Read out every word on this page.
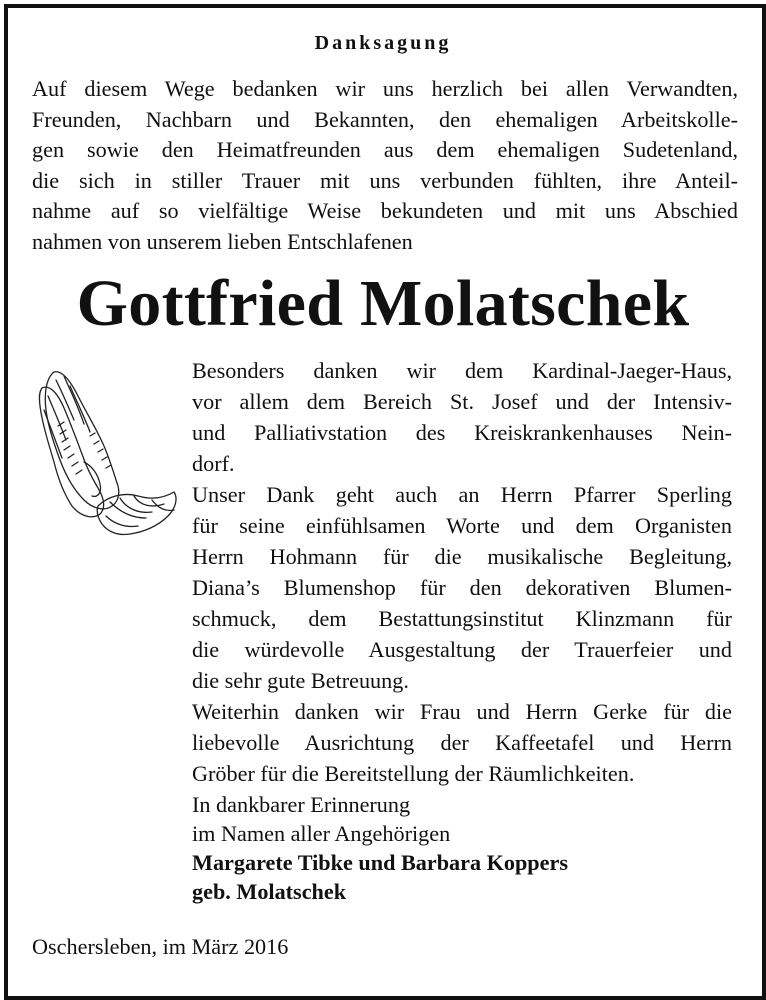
Danksagung
Auf diesem Wege bedanken wir uns herzlich bei allen Verwandten,
Freunden, Nachbarn und Bekannten, den ehemaligen Arbeitskolle-
gen sowie den Heimatfreunden aus dem ehemaligen Sudetenland,
die sich in stiller Trauer mit uns verbunden fühlten, ihre Anteil-
nahme auf so vielfältige Weise bekundeten und mit uns Abschied
nahmen von unserem lieben Entschlafenen
Gottfried Molatschek
Besonders danken wir dem Kardinal-Jaeger-Haus,
vor allem dem Bereich St. Josef und der Intensiv-
und Palliativstation des Kreiskrankenhauses Nein-
dorf.
Unser Dank geht auch an Herrn Pfarrer Sperling
für seine einfühlsamen Worte und dem Organisten
Herrn Hohmann für die musikalische Begleitung,
Diana’s Blumenshop für den dekorativen Blumen-
schmuck, dem Bestattungsinstitut Klinzmann für
die würdevolle Ausgestaltung der Trauerfeier und
die sehr gute Betreuung.
Weiterhin danken wir Frau und Herrn Gerke für die
liebevolle Ausrichtung der Kaffeetafel und Herrn
Gröber für die Bereitstellung der Räumlichkeiten.
In dankbarer Erinnerung
im Namen aller Angehörigen
Margarete Tibke und Barbara Koppers
geb. Molatschek
Oschersleben, im März 2016
